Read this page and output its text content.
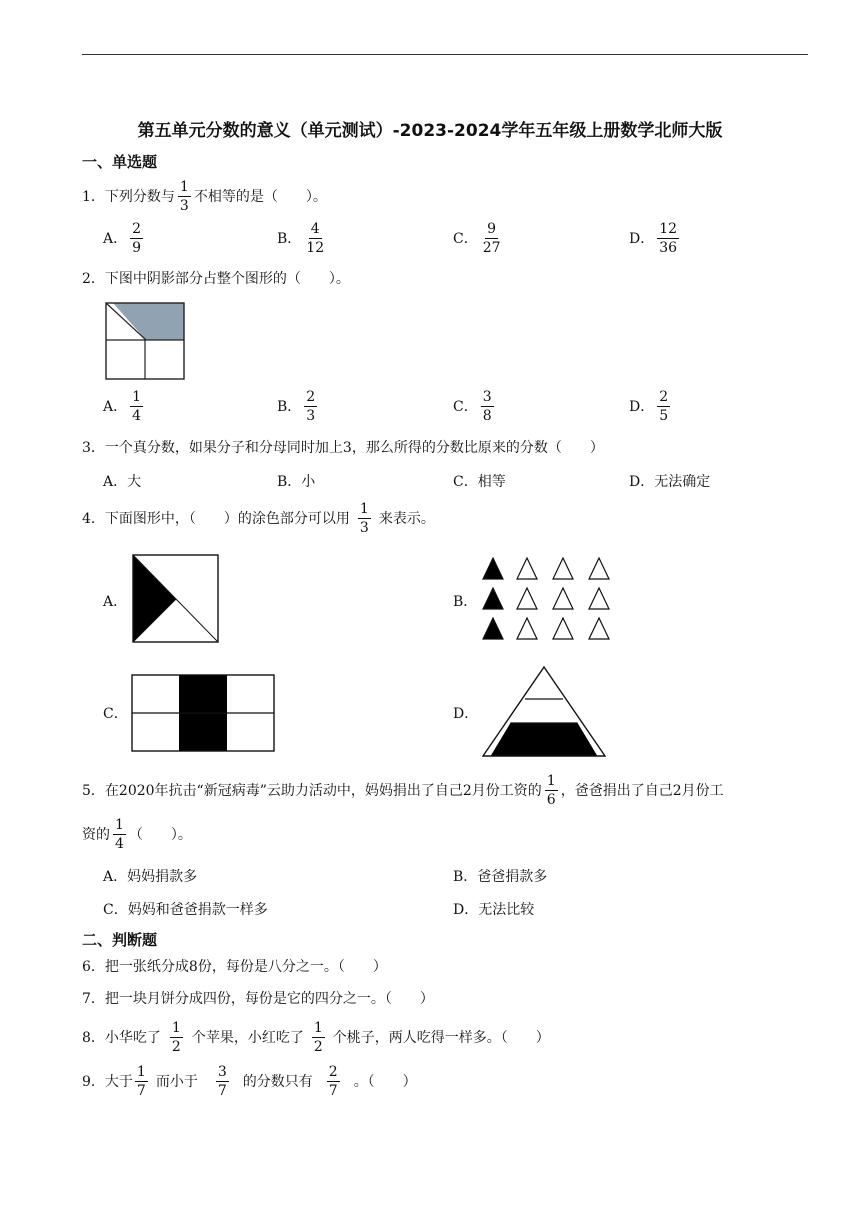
第五单元分数的意义（单元测试）-2023-2024学年五年级上册数学北师大版
一、单选题
1． 下列分数与 $\frac{1}{3}$ 不相等的是（　　）。
A． $\frac{2}{9}$	B． $\frac{4}{12}$	C． $\frac{9}{27}$	D． $\frac{12}{36}$
2．下图中阴影部分占整个图形的（　　）。
A． $\frac{1}{4}$	B． $\frac{2}{3}$	C． $\frac{3}{8}$	D． $\frac{2}{5}$
3．一个真分数，如果分子和分母同时加上3，那么所得的分数比原来的分数（　　）
A．大	B．小	C．相等	D．无法确定
4． 下面图形中，（　　）的涂色部分可以用 $\frac{1}{3}$ 来表示。
A．	B．
C．	D．
5． 在2020年抗击“新冠病毒”云助力活动中，妈妈捐出了自己2月份工资的 $\frac{1}{6}$ ，爸爸捐出了自己2月份工
资的 $\frac{1}{4}$ （　　）。
A．妈妈捐款多	B．爸爸捐款多
C．妈妈和爸爸捐款一样多	D．无法比较
二、判断题
6．把一张纸分成8份，每份是八分之一。（　　）
7．把一块月饼分成四份，每份是它的四分之一。（　　）
8． 小华吃了 $\frac{1}{2}$ 个苹果，小红吃了 $\frac{1}{2}$ 个桃子，两人吃得一样多。（　　）
9． 大于 $\frac{1}{7}$ 而小于 $\frac{3}{7}$ 的分数只有 $\frac{2}{7}$ 。（　　）
